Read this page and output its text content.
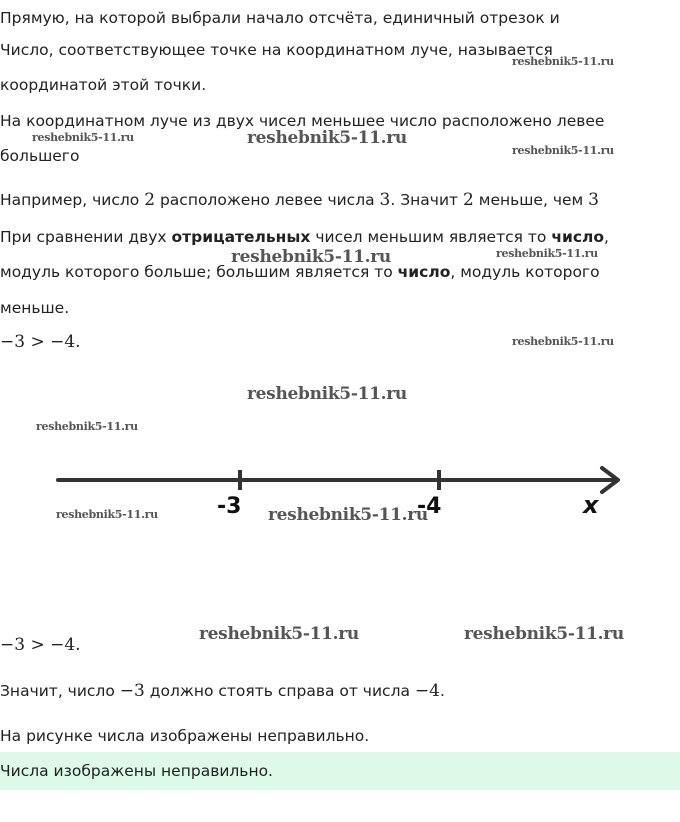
Прямую, на которой выбрали начало отсчёта, единичный отрезок и
Число, соответствующее точке на координатном луче, называется
координатой этой точки.
На координатном луче из двух чисел меньшее число расположено левее
большего
Например, число 2 расположено левее числа 3. Значит 2 меньше, чем 3
При сравнении двух отрицательных чисел меньшим является то число,
модуль которого больше; большим является то число, модуль которого
меньше.
−3 > −4.
-3	-4	x
−3 > −4.
Значит, число −3 должно стоять справа от числа −4.
На рисунке числа изображены неправильно.
Числа изображены неправильно.
reshebnik5-11.ru
reshebnik5-11.ru	reshebnik5-11.ru
reshebnik5-11.ru
reshebnik5-11.ru	reshebnik5-11.ru
reshebnik5-11.ru
reshebnik5-11.ru
reshebnik5-11.ru
reshebnik5-11.ru	reshebnik5-11.ru
reshebnik5-11.ru	reshebnik5-11.ru
